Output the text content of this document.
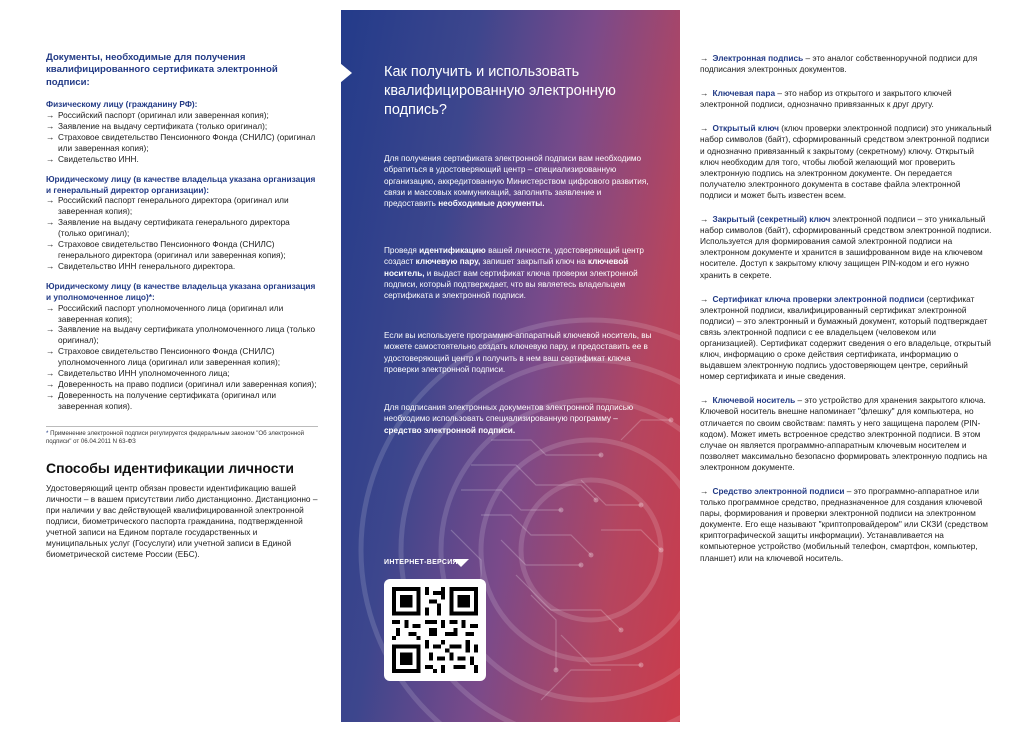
Документы, необходимые для получения квалифицированного сертификата электронной подписи:
Физическому лицу (гражданину РФ):
→ Российский паспорт (оригинал или заверенная копия);
→ Заявление на выдачу сертификата (только оригинал);
→ Страховое свидетельство Пенсионного Фонда (СНИЛС) (оригинал или заверенная копия);
→ Свидетельство ИНН.
Юридическому лицу (в качестве владельца указана организация и генеральный директор организации):
→ Российский паспорт генерального директора (оригинал или заверенная копия);
→ Заявление на выдачу сертификата генерального директора (только оригинал);
→ Страховое свидетельство Пенсионного Фонда (СНИЛС) генерального директора (оригинал или заверенная копия);
→ Свидетельство ИНН генерального директора.
Юридическому лицу (в качестве владельца указана организация и уполномоченное лицо)*:
→ Российский паспорт уполномоченного лица (оригинал или заверенная копия);
→ Заявление на выдачу сертификата уполномоченного лица (только оригинал);
→ Страховое свидетельство Пенсионного Фонда (СНИЛС) уполномоченного лица (оригинал или заверенная копия);
→ Свидетельство ИНН уполномоченного лица;
→ Доверенность на право подписи (оригинал или заверенная копия);
→ Доверенность на получение сертификата (оригинал или заверенная копия).
* Применение электронной подписи регулируется федеральным законом "Об электронной подписи" от 06.04.2011 N 63-ФЗ
Способы идентификации личности
Удостоверяющий центр обязан провести идентификацию вашей личности – в вашем присутствии либо дистанционно. Дистанционно – при наличии у вас действующей квалифицированной электронной подписи, биометрического паспорта гражданина, подтвержденной учетной записи на Едином портале государственных и муниципальных услуг (Госуслуги) или учетной записи в Единой биометрической системе России (ЕБС).
Как получить и использовать квалифицированную электронную подпись?
Для получения сертификата электронной подписи вам необходимо обратиться в удостоверяющий центр – специализированную организацию, аккредитованную Министерством цифрового развития, связи и массовых коммуникаций, заполнить заявление и предоставить необходимые документы.
Проведя идентификацию вашей личности, удостоверяющий центр создаст ключевую пару, запишет закрытый ключ на ключевой носитель, и выдаст вам сертификат ключа проверки электронной подписи, который подтверждает, что вы являетесь владельцем сертификата и электронной подписи.
Если вы используете программно-аппаратный ключевой носитель, вы можете самостоятельно создать ключевую пару, и предоставить ее в удостоверяющий центр и получить в нем ваш сертификат ключа проверки электронной подписи.
Для подписания электронных документов электронной подписью необходимо использовать специализированную программу – средство электронной подписи.
ИНТЕРНЕТ-ВЕРСИЯ
→ Электронная подпись – это аналог собственноручной подписи для подписания электронных документов.
→ Ключевая пара – это набор из открытого и закрытого ключей электронной подписи, однозначно привязанных к друг другу.
→ Открытый ключ (ключ проверки электронной подписи) это уникальный набор символов (байт), сформированный средством электронной подписи и однозначно привязанный к закрытому (секретному) ключу. Открытый ключ необходим для того, чтобы любой желающий мог проверить электронную подпись на электронном документе. Он передается получателю электронного документа в составе файла электронной подписи и может быть известен всем.
→ Закрытый (секретный) ключ электронной подписи – это уникальный набор символов (байт), сформированный средством электронной подписи. Используется для формирования самой электронной подписи на электронном документе и хранится в зашифрованном виде на ключевом носителе. Доступ к закрытому ключу защищен PIN-кодом и его нужно хранить в секрете.
→ Сертификат ключа проверки электронной подписи (сертификат электронной подписи, квалифицированный сертификат электронной подписи) – это электронный и бумажный документ, который подтверждает связь электронной подписи с ее владельцем (человеком или организацией). Сертификат содержит сведения о его владельце, открытый ключ, информацию о сроке действия сертификата, информацию о выдавшем электронную подпись удостоверяющем центре, серийный номер сертификата и иные сведения.
→ Ключевой носитель – это устройство для хранения закрытого ключа. Ключевой носитель внешне напоминает "флешку" для компьютера, но отличается по своим свойствам: память у него защищена паролем (PIN-кодом). Может иметь встроенное средство электронной подписи. В этом случае он является программно-аппаратным ключевым носителем и позволяет максимально безопасно формировать электронную подпись на электронном документе.
→ Средство электронной подписи – это программно-аппаратное или только программное средство, предназначенное для создания ключевой пары, формирования и проверки электронной подписи на электронном документе. Его еще называют "криптопровайдером" или СКЗИ (средством криптографической защиты информации). Устанавливается на компьютерное устройство (мобильный телефон, смартфон, компьютер, планшет) или на ключевой носитель.
